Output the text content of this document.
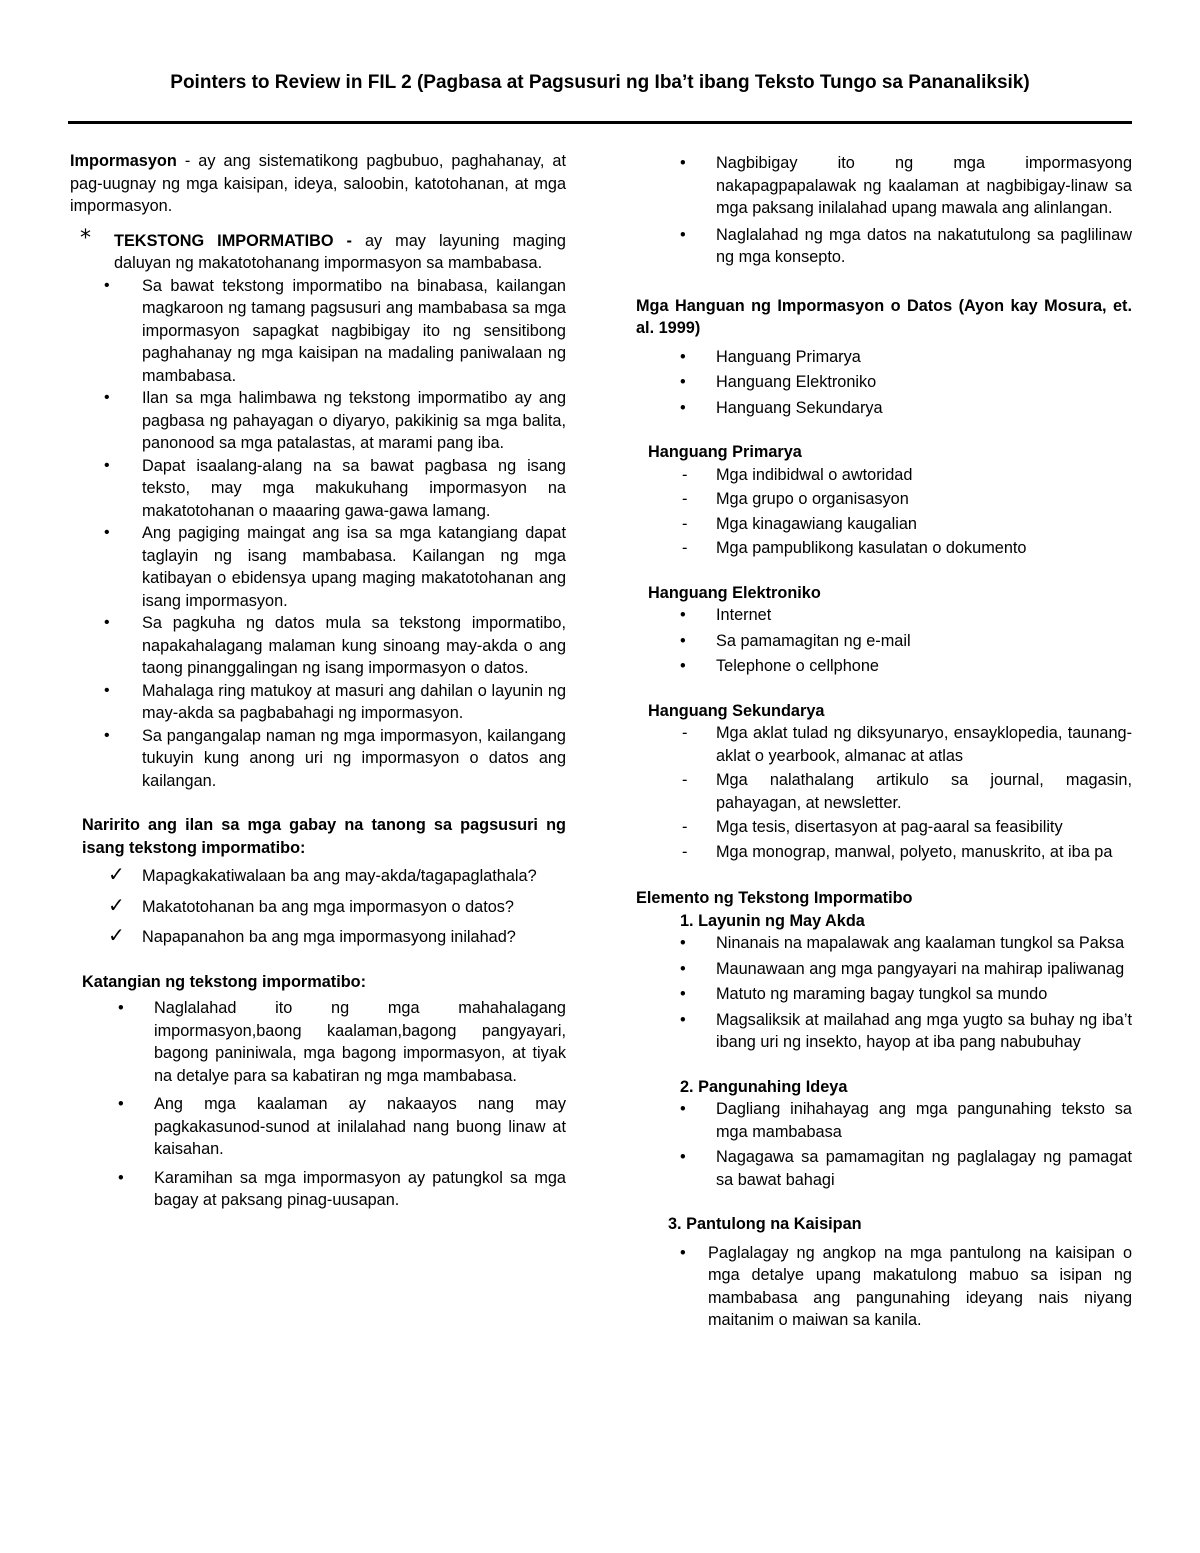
Pointers to Review in FIL 2 (Pagbasa at Pagsusuri ng Iba’t ibang Teksto Tungo sa Pananaliksik)

Impormasyon - ay ang sistematikong pagbubuo, paghahanay, at pag-uugnay ng mga kaisipan, ideya, saloobin, katotohanan, at mga impormasyon.

* TEKSTONG IMPORMATIBO - ay may layuning maging daluyan ng makatotohanang impormasyon sa mambabasa.
• Sa bawat tekstong impormatibo na binabasa, kailangan magkaroon ng tamang pagsusuri ang mambabasa sa mga impormasyon sapagkat nagbibigay ito ng sensitibong paghahanay ng mga kaisipan na madaling paniwalaan ng mambabasa.
• Ilan sa mga halimbawa ng tekstong impormatibo ay ang pagbasa ng pahayagan o diyaryo, pakikinig sa mga balita, panonood sa mga patalastas, at marami pang iba.
• Dapat isaalang-alang na sa bawat pagbasa ng isang teksto, may mga makukuhang impormasyon na makatotohanan o maaaring gawa-gawa lamang.
• Ang pagiging maingat ang isa sa mga katangiang dapat taglayin ng isang mambabasa. Kailangan ng mga katibayan o ebidensya upang maging makatotohanan ang isang impormasyon.
• Sa pagkuha ng datos mula sa tekstong impormatibo, napakahalagang malaman kung sinoang may-akda o ang taong pinanggalingan ng isang impormasyon o datos.
• Mahalaga ring matukoy at masuri ang dahilan o layunin ng may-akda sa pagbabahagi ng impormasyon.
• Sa pangangalap naman ng mga impormasyon, kailangang tukuyin kung anong uri ng impormasyon o datos ang kailangan.

Naririto ang ilan sa mga gabay na tanong sa pagsusuri ng isang tekstong impormatibo:

✓ Mapagkakatiwalaan ba ang may-akda/tagapaglathala?
✓ Makatotohanan ba ang mga impormasyon o datos?
✓ Napapanahon ba ang mga impormasyong inilahad?

Katangian ng tekstong impormatibo:

• Naglalahad ito ng mga mahahalagang impormasyon,baong kaalaman,bagong pangyayari, bagong paniniwala, mga bagong impormasyon, at tiyak na detalye para sa kabatiran ng mga mambabasa.
• Ang mga kaalaman ay nakaayos nang may pagkakasunod-sunod at inilalahad nang buong linaw at kaisahan.
• Karamihan sa mga impormasyon ay patungkol sa mga bagay at paksang pinag-uusapan.
• Nagbibigay ito ng mga impormasyong nakapagpapalawak ng kaalaman at nagbibigay-linaw sa mga paksang inilalahad upang mawala ang alinlangan.
• Naglalahad ng mga datos na nakatutulong sa paglilinaw ng mga konsepto.

Mga Hanguan ng Impormasyon o Datos (Ayon kay Mosura, et. al. 1999)

• Hanguang Primarya
• Hanguang Elektroniko
• Hanguang Sekundarya

Hanguang Primarya

- Mga indibidwal o awtoridad
- Mga grupo o organisasyon
- Mga kinagawiang kaugalian
- Mga pampublikong kasulatan o dokumento

Hanguang Elektroniko

• Internet
• Sa pamamagitan ng e-mail
• Telephone o cellphone

Hanguang Sekundarya

- Mga aklat tulad ng diksyunaryo, ensayklopedia, taunang-aklat o yearbook, almanac at atlas
- Mga nalathalang artikulo sa journal, magasin, pahayagan, at newsletter.
- Mga tesis, disertasyon at pag-aaral sa feasibility
- Mga monograp, manwal, polyeto, manuskrito, at iba pa

Elemento ng Tekstong Impormatibo

1. Layunin ng May Akda

• Ninanais na mapalawak ang kaalaman tungkol sa Paksa
• Maunawaan ang mga pangyayari na mahirap ipaliwanag
• Matuto ng maraming bagay tungkol sa mundo
• Magsaliksik at mailahad ang mga yugto sa buhay ng iba’t ibang uri ng insekto, hayop at iba pang nabubuhay

2. Pangunahing Ideya

• Dagliang inihahayag ang mga pangunahing teksto sa mga mambabasa
• Nagagawa sa pamamagitan ng paglalagay ng pamagat sa bawat bahagi

3. Pantulong na Kaisipan

• Paglalagay ng angkop na mga pantulong na kaisipan o mga detalye upang makatulong mabuo sa isipan ng mambabasa ang pangunahing ideyang nais niyang maitanim o maiwan sa kanila.
